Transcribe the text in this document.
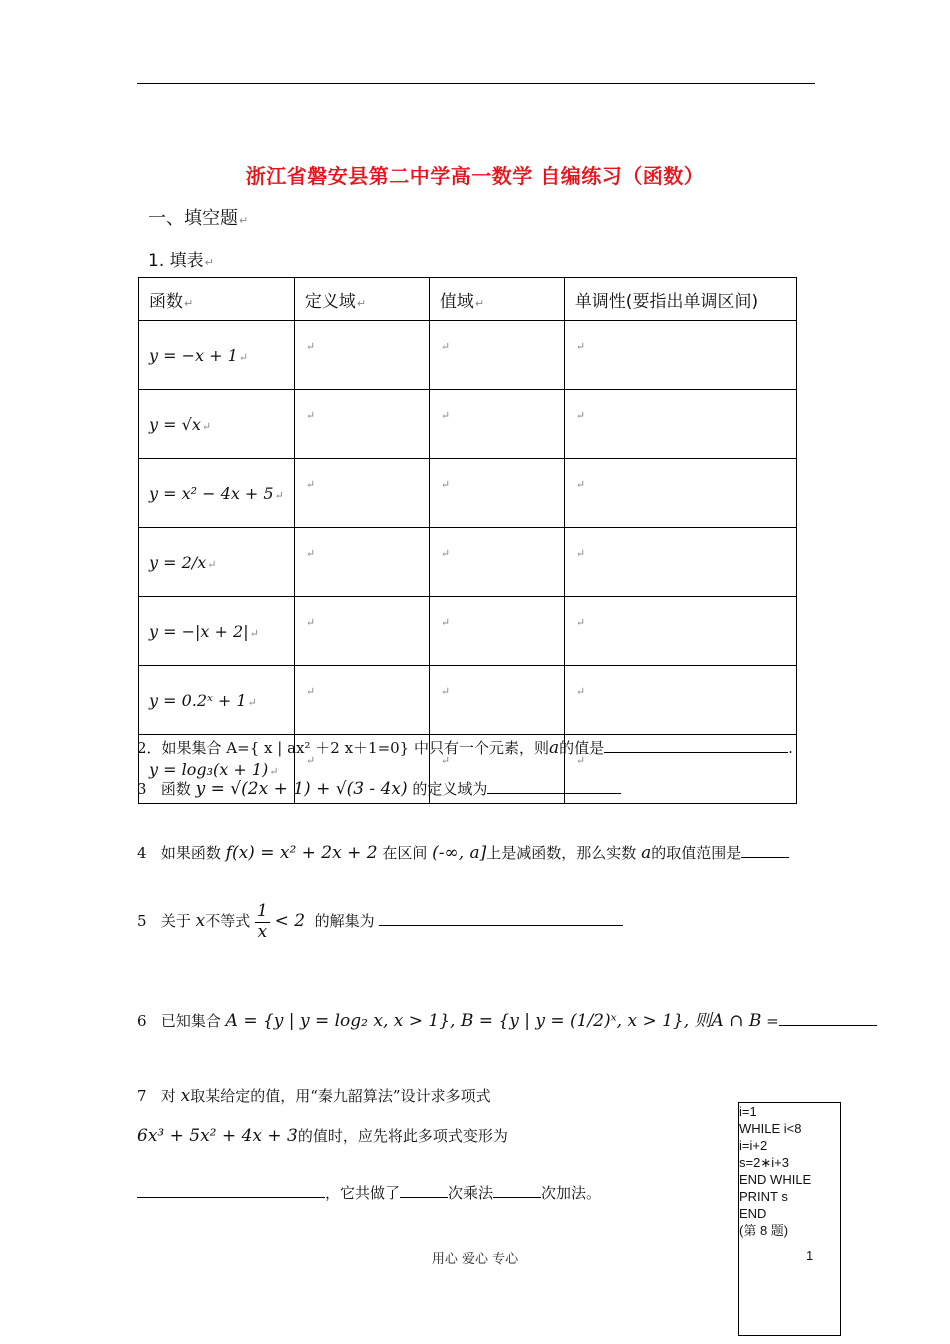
浙江省磐安县第二中学高一数学 自编练习（函数）
一、填空题↵
1. 填表↵
函数↵	定义域↵	值域↵	单调性(要指出单调区间)
y = −x + 1↵	↵	↵	↵
y = √x↵	↵	↵	↵
y = x² − 4x + 5↵	↵	↵	↵
y = 2/x↵	↵	↵	↵
y = −|x + 2|↵	↵	↵	↵
y = 0.2ˣ + 1↵	↵	↵	↵
y = log₃(x + 1)↵	↵	↵	↵
2．如果集合 A={ x | ax² ＋2 x＋1=0} 中只有一个元素，则a的值是	.
3 函数 y = √(2x + 1) + √(3 - 4x) 的定义域为
4 如果函数 f(x) = x² + 2x + 2 在区间 (-∞, a]上是减函数，那么实数 a的取值范围是
5 关于 x不等式 $\frac{1}{x} < 2$ 的解集为
6 已知集合 A = {y | y = log₂ x, x > 1}, B = {y | y = (1/2)ˣ, x > 1}, 则A ∩ B =
7 对 x取某给定的值，用“秦九韶算法”设计求多项式
6x³ + 5x² + 4x + 3的值时，应先将此多项式变形为
，它共做了	次乘法	次加法。
i=1
WHILE i<8
i=i+2
s=2∗i+3
END WHILE
PRINT s
END
(第 8 题)
用心 爱心 专心	1
